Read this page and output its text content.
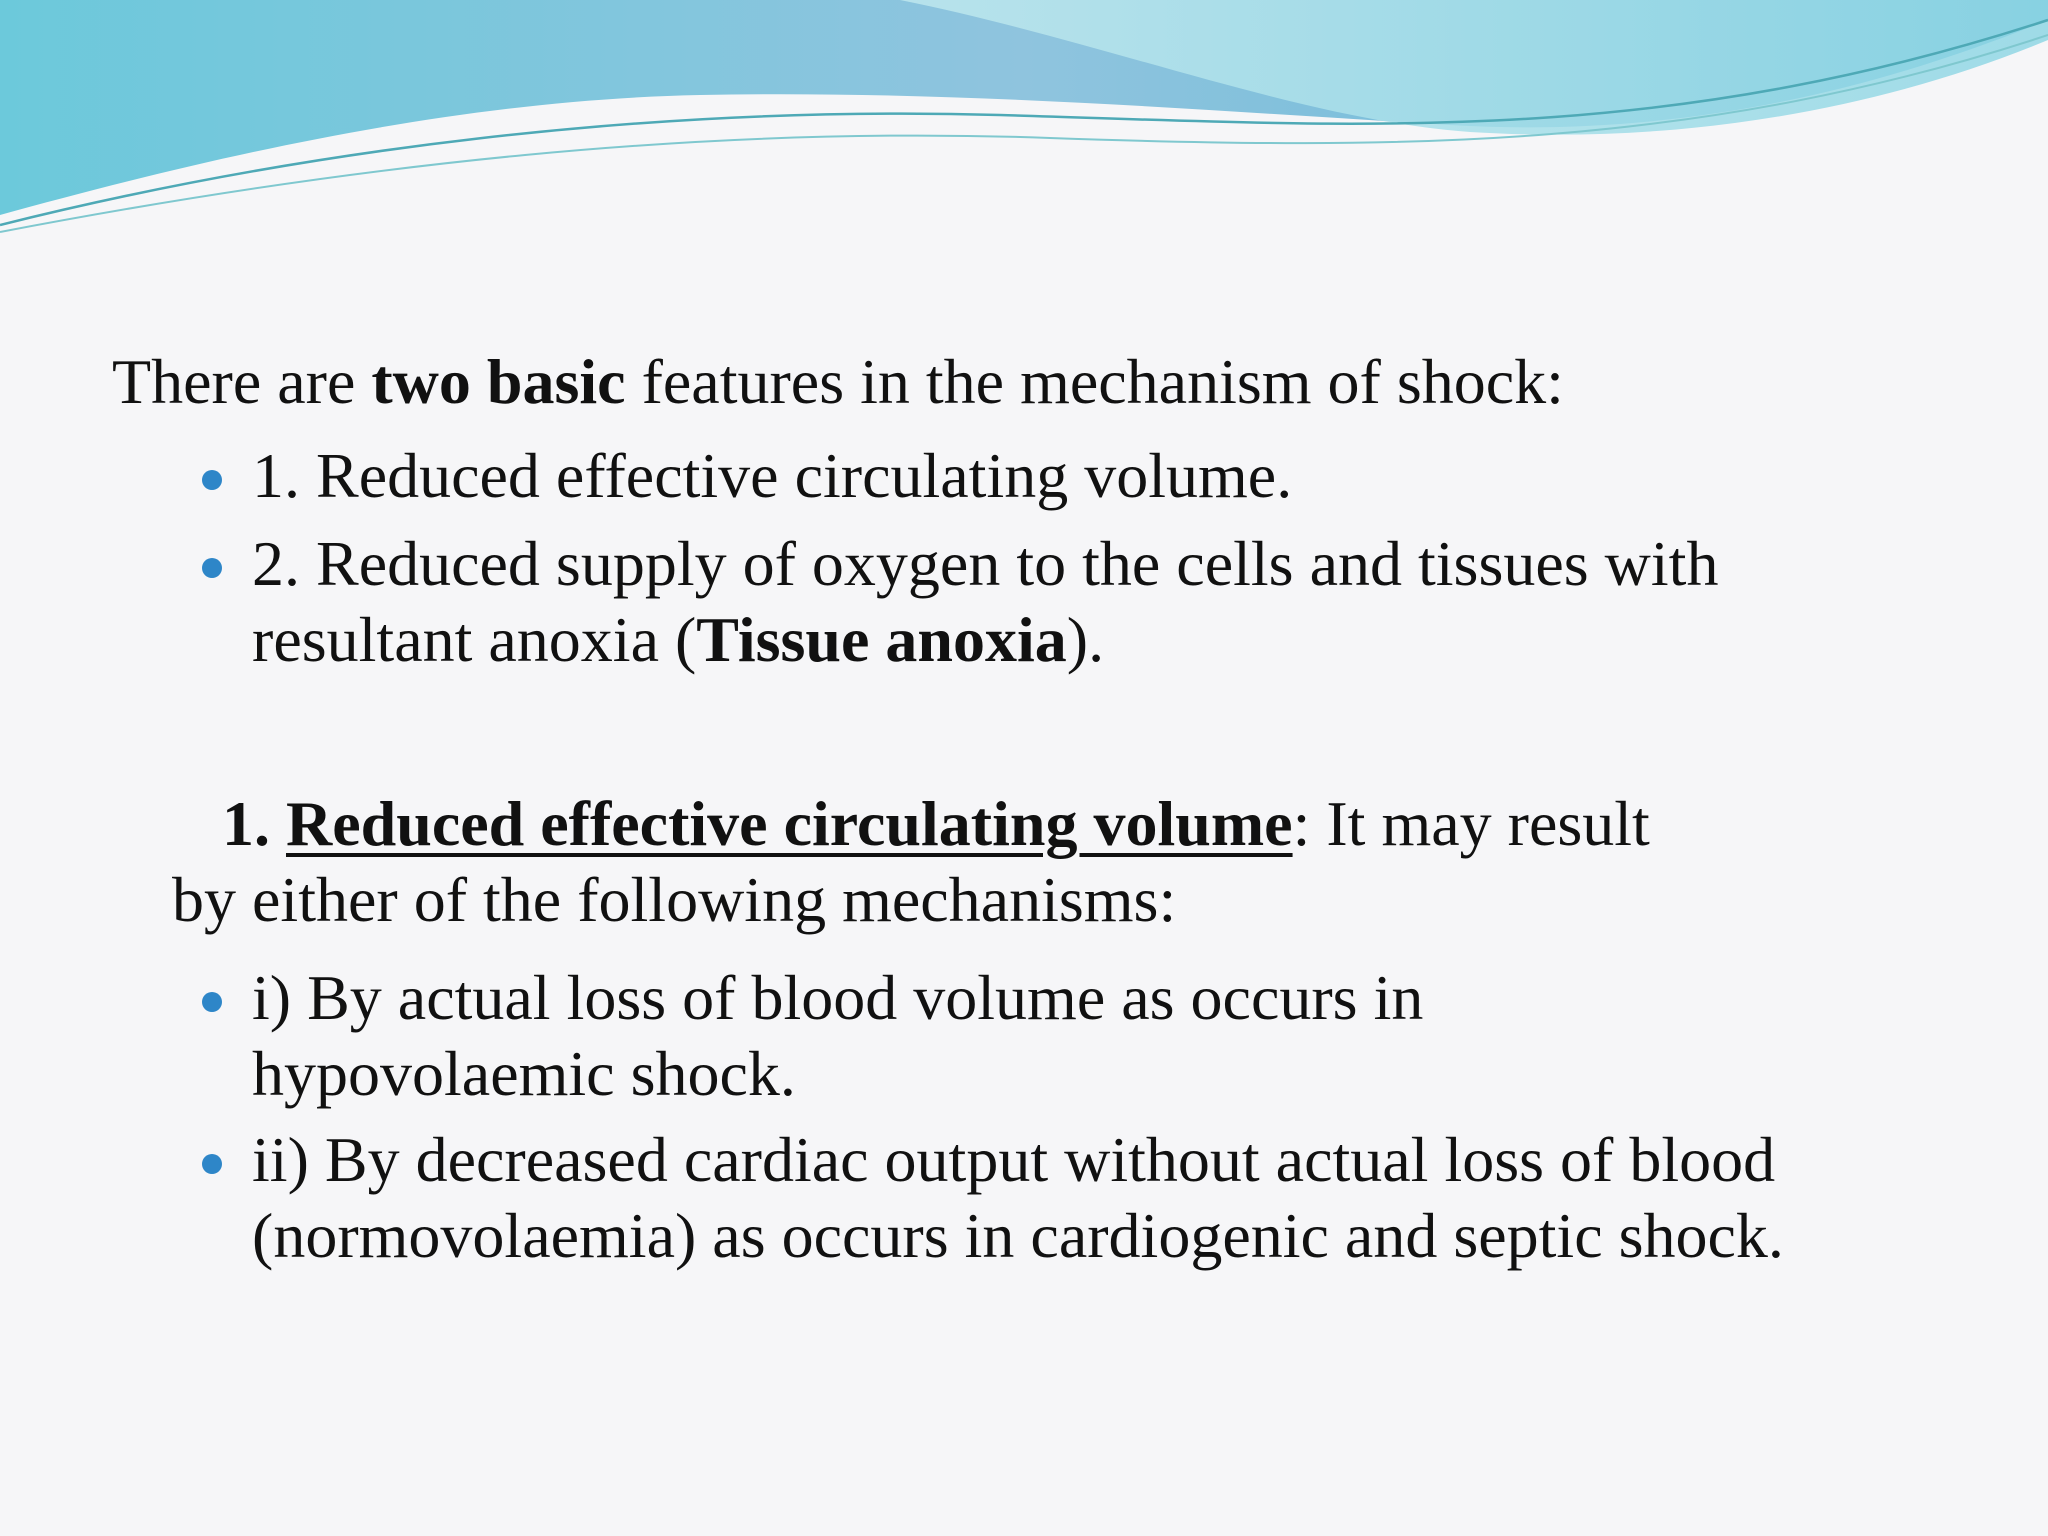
There are two basic features in the mechanism of shock:
1. Reduced effective circulating volume.
2. Reduced supply of oxygen to the cells and tissues with
resultant anoxia (Tissue anoxia).
1. Reduced effective circulating volume: It may result
by either of the following mechanisms:
i) By actual loss of blood volume as occurs in
hypovolaemic shock.
ii) By decreased cardiac output without actual loss of blood
(normovolaemia) as occurs in cardiogenic and septic shock.
